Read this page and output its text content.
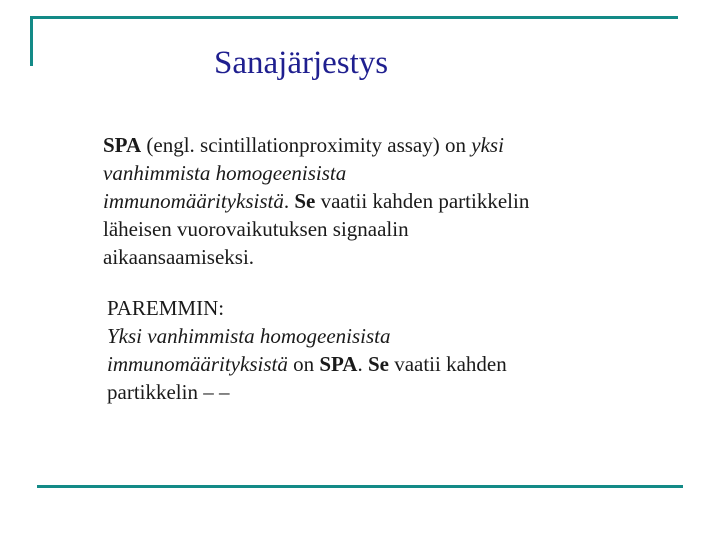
Sanajärjestys

SPA (engl. scintillationproximity assay) on yksi
vanhimmista homogeenisista
immunomäärityksistä. Se vaatii kahden partikkelin
läheisen vuorovaikutuksen signaalin
aikaansaamiseksi.

PAREMMIN:
Yksi vanhimmista homogeenisista
immunomäärityksistä on SPA. Se vaatii kahden
partikkelin – –
